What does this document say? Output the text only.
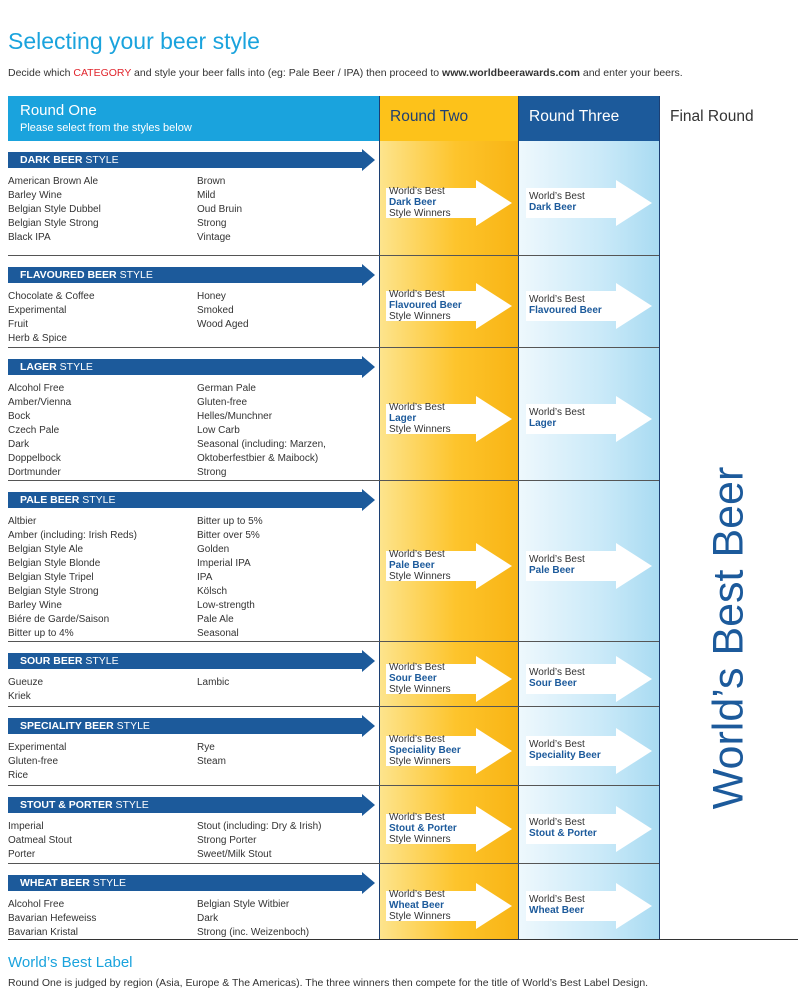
Selecting your beer style
Decide which CATEGORY and style your beer falls into (eg: Pale Beer / IPA) then proceed to www.worldbeerawards.com and enter your beers.
Round One
Please select from the styles below
Round Two	Round Three	Final Round
DARK BEER STYLE
American Brown Ale
Barley Wine
Belgian Style Dubbel
Belgian Style Strong
Black IPA
Brown
Mild
Oud Bruin
Strong
Vintage
World’s Best
Dark Beer
Style Winners
World’s Best
Dark Beer
FLAVOURED BEER STYLE
Chocolate & Coffee
Experimental
Fruit
Herb & Spice
Honey
Smoked
Wood Aged
World’s Best
Flavoured Beer
Style Winners
World’s Best
Flavoured Beer
LAGER STYLE
Alcohol Free
Amber/Vienna
Bock
Czech Pale
Dark
Doppelbock
Dortmunder
German Pale
Gluten-free
Helles/Munchner
Low Carb
Seasonal (including: Marzen,
Oktoberfestbier & Maibock)
Strong
World’s Best
Lager
Style Winners
World’s Best
Lager
PALE BEER STYLE
Altbier
Amber (including: Irish Reds)
Belgian Style Ale
Belgian Style Blonde
Belgian Style Tripel
Belgian Style Strong
Barley Wine
Biére de Garde/Saison
Bitter up to 4%
Bitter up to 5%
Bitter over 5%
Golden
Imperial IPA
IPA
Kölsch
Low-strength
Pale Ale
Seasonal
World’s Best
Pale Beer
Style Winners
World’s Best
Pale Beer
SOUR BEER STYLE
Gueuze
Kriek
Lambic
World’s Best
Sour Beer
Style Winners
World’s Best
Sour Beer
SPECIALITY BEER STYLE
Experimental
Gluten-free
Rice
Rye
Steam
World’s Best
Speciality Beer
Style Winners
World’s Best
Speciality Beer
STOUT & PORTER STYLE
Imperial
Oatmeal Stout
Porter
Stout (including: Dry & Irish)
Strong Porter
Sweet/Milk Stout
World’s Best
Stout & Porter
Style Winners
World’s Best
Stout & Porter
WHEAT BEER STYLE
Alcohol Free
Bavarian Hefeweiss
Bavarian Kristal
Belgian Style Witbier
Dark
Strong (inc. Weizenboch)
World’s Best
Wheat Beer
Style Winners
World’s Best
Wheat Beer
World’s Best Beer
World’s Best Label
Round One is judged by region (Asia, Europe & The Americas). The three winners then compete for the title of World’s Best Label Design.
